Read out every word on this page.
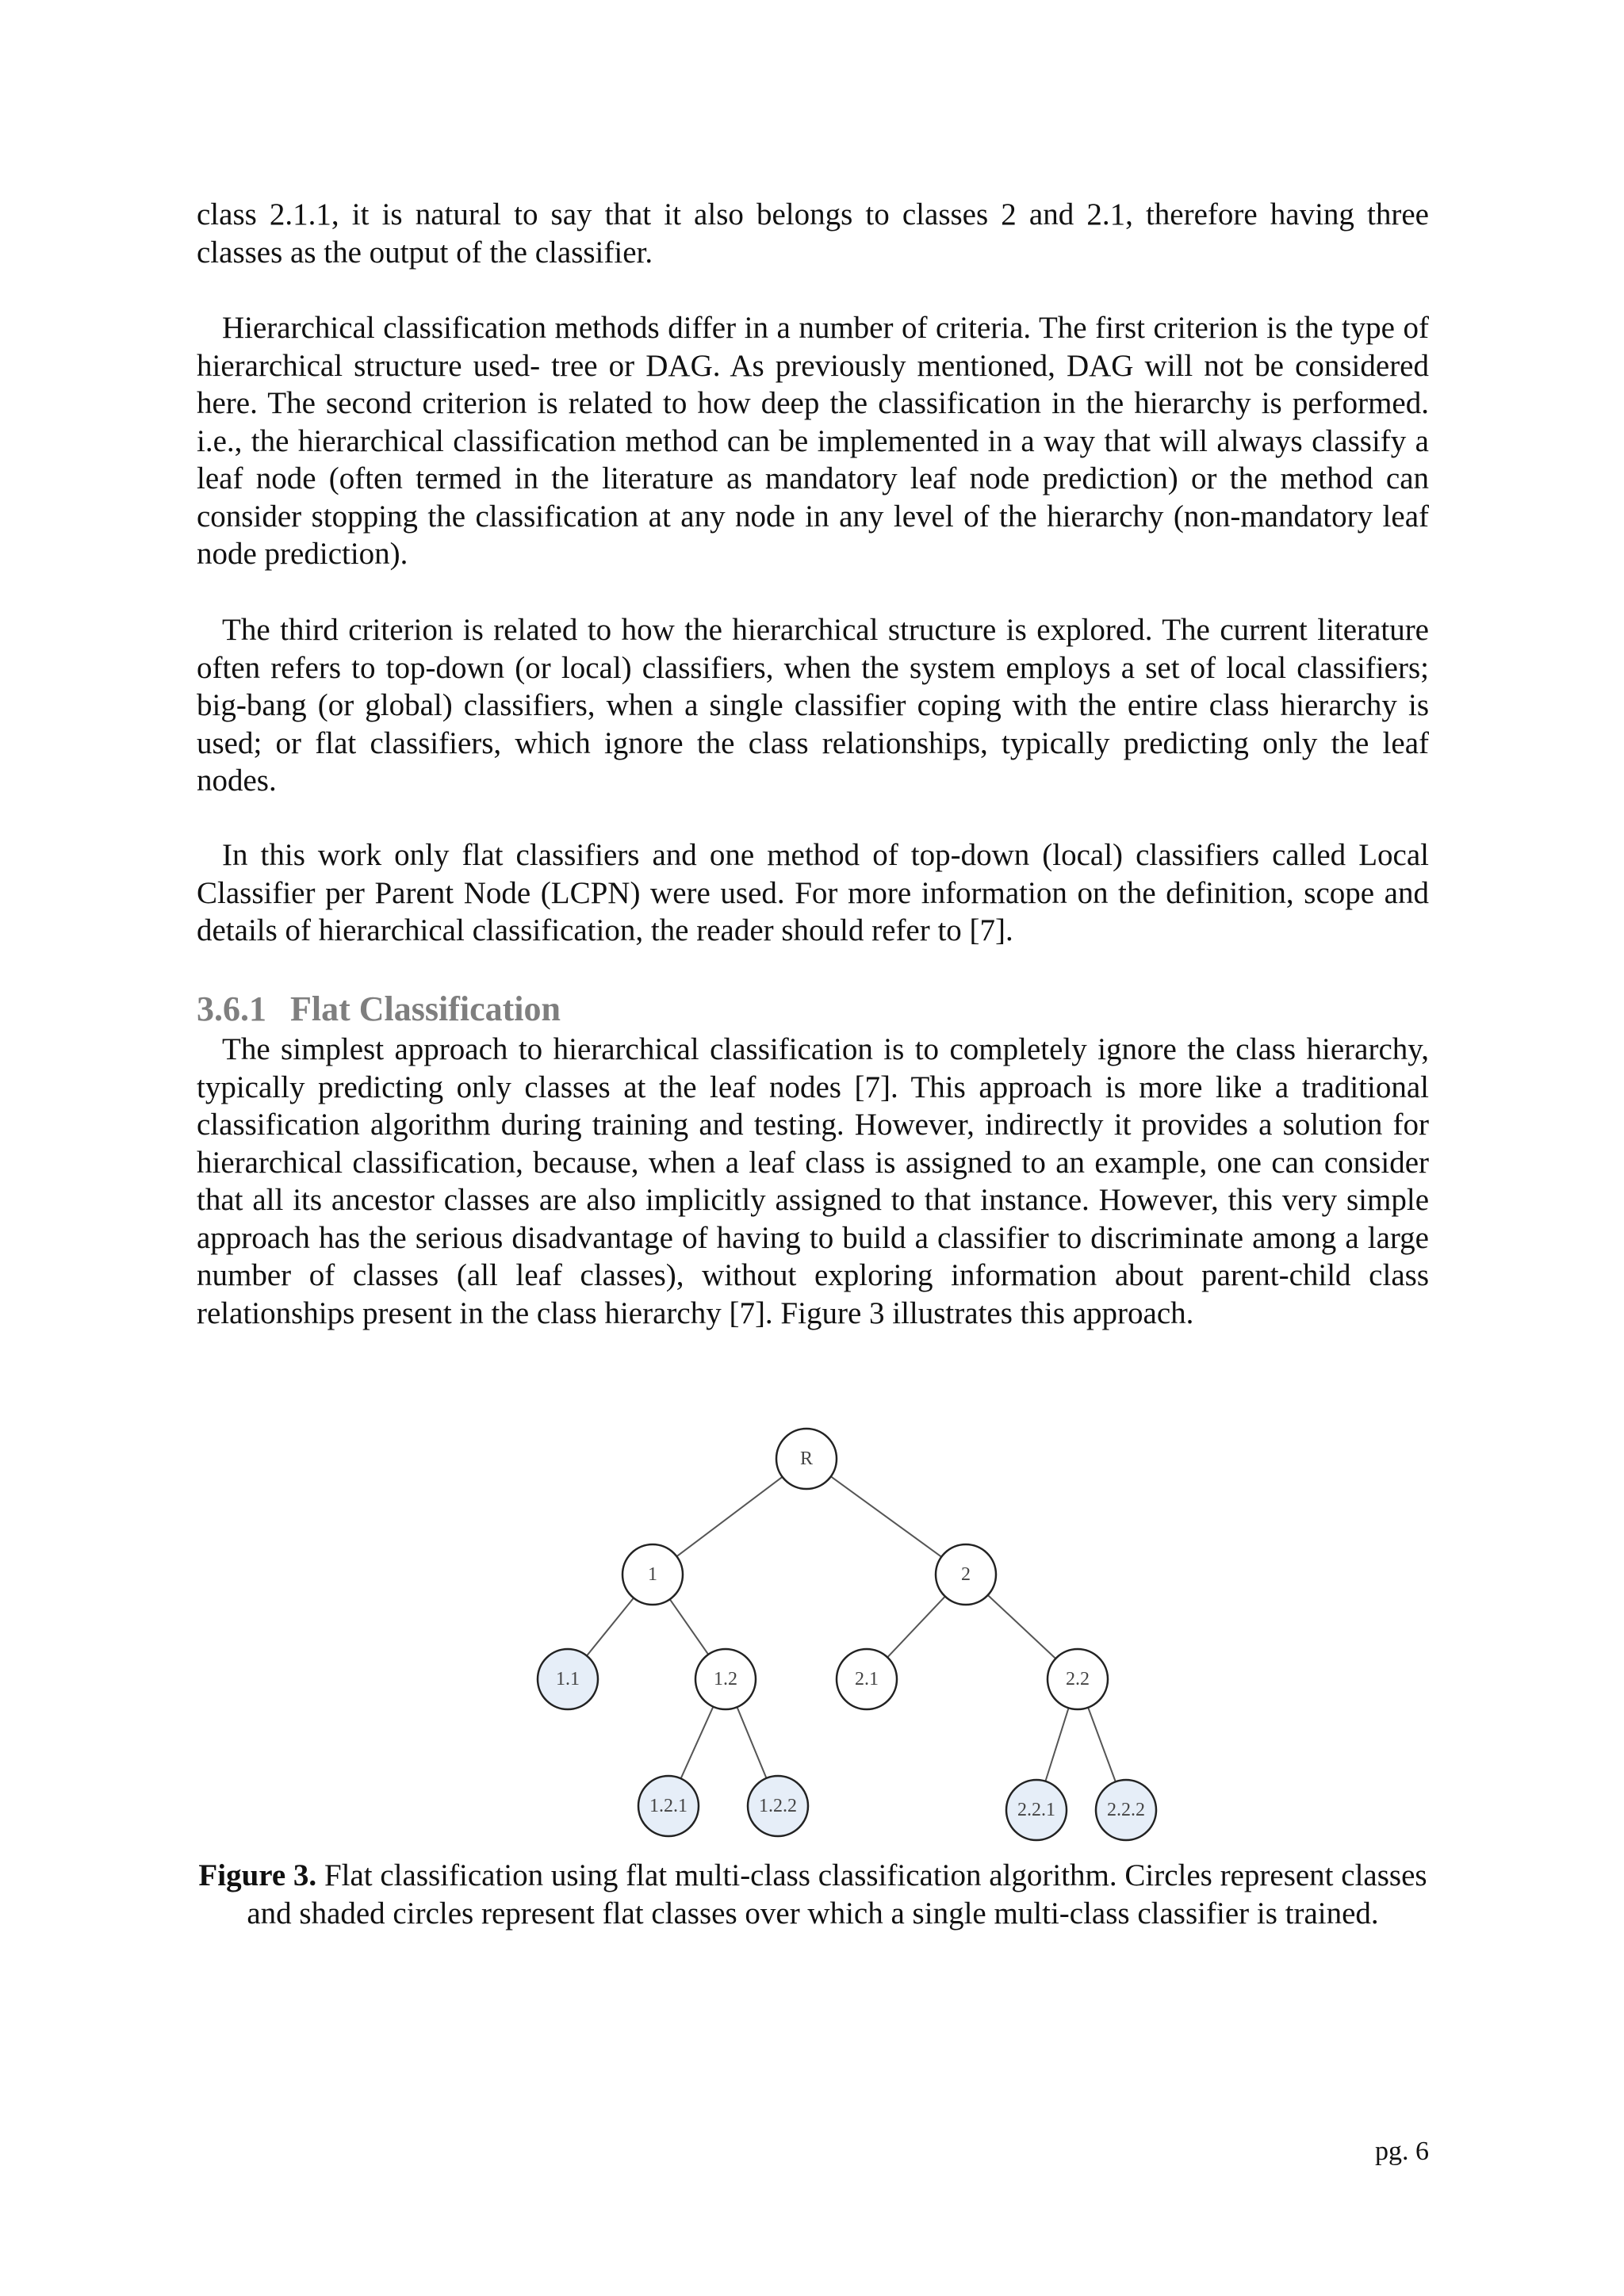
class 2.1.1, it is natural to say that it also belongs to classes 2 and 2.1, therefore having three classes as the output of the classifier.

Hierarchical classification methods differ in a number of criteria. The first criterion is the type of hierarchical structure used- tree or DAG. As previously mentioned, DAG will not be considered here. The second criterion is related to how deep the classification in the hierarchy is performed. i.e., the hierarchical classification method can be implemented in a way that will always classify a leaf node (often termed in the literature as mandatory leaf node prediction) or the method can consider stopping the classification at any node in any level of the hierarchy (non-mandatory leaf node prediction).

The third criterion is related to how the hierarchical structure is explored. The current literature often refers to top-down (or local) classifiers, when the system employs a set of local classifiers; big-bang (or global) classifiers, when a single classifier coping with the entire class hierarchy is used; or flat classifiers, which ignore the class relationships, typically predicting only the leaf nodes.

In this work only flat classifiers and one method of top-down (local) classifiers called Local Classifier per Parent Node (LCPN) were used. For more information on the definition, scope and details of hierarchical classification, the reader should refer to [7].

3.6.1 Flat Classification

The simplest approach to hierarchical classification is to completely ignore the class hierarchy, typically predicting only classes at the leaf nodes [7]. This approach is more like a traditional classification algorithm during training and testing. However, indirectly it provides a solution for hierarchical classification, because, when a leaf class is assigned to an example, one can consider that all its ancestor classes are also implicitly assigned to that instance. However, this very simple approach has the serious disadvantage of having to build a classifier to discriminate among a large number of classes (all leaf classes), without exploring information about parent-child class relationships present in the class hierarchy [7]. Figure 3 illustrates this approach.

R
1	2
1.1	1.2	2.1	2.2
1.2.1	1.2.2	2.2.1	2.2.2

Figure 3. Flat classification using flat multi-class classification algorithm. Circles represent classes and shaded circles represent flat classes over which a single multi-class classifier is trained.

pg. 6
